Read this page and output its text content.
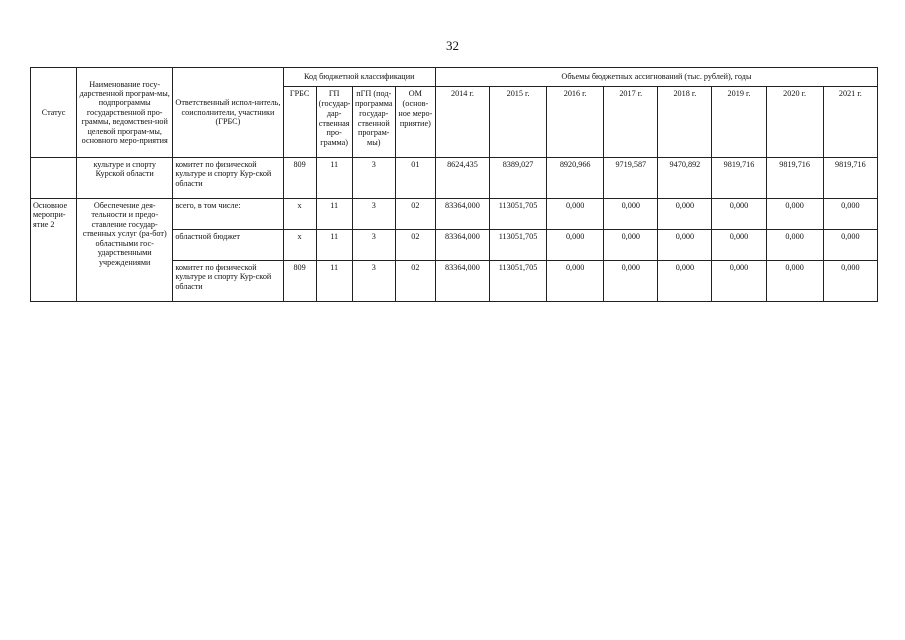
32
Статус	Наименование госу-дарственной програм-мы, подпрограммы государственной про-граммы, ведомствен-ной целевой програм-мы, основного меро-приятия	Ответственный испол-нитель, соисполнители, участники (ГРБС)	Код бюджетной классификации				Объемы бюджетных ассигнований (тыс. рублей), годы							
			ГРБС	ГП (государ-дар-ственная про-грамма)	пГП (под-программа государ-ственной програм-мы)	ОМ (основ-ное меро-приятие)	2014 г.	2015 г.	2016 г.	2017 г.	2018 г.	2019 г.	2020 г.	2021 г.
	культуре и спорту Курской области	комитет по физической культуре и спорту Кур-ской области	809	11	3	01	8624,435	8389,027	8920,966	9719,587	9470,892	9819,716	9819,716	9819,716
Основное меропри-ятие 2	Обеспечение дея-тельности и предо-ставление государ-ственных услуг (ра-бот) областными гос-ударственными учреждениями	всего, в том числе:	x	11	3	02	83364,000	113051,705	0,000	0,000	0,000	0,000	0,000	0,000
		областной бюджет	x	11	3	02	83364,000	113051,705	0,000	0,000	0,000	0,000	0,000	0,000
		комитет по физической культуре и спорту Кур-ской области	809	11	3	02	83364,000	113051,705	0,000	0,000	0,000	0,000	0,000	0,000
